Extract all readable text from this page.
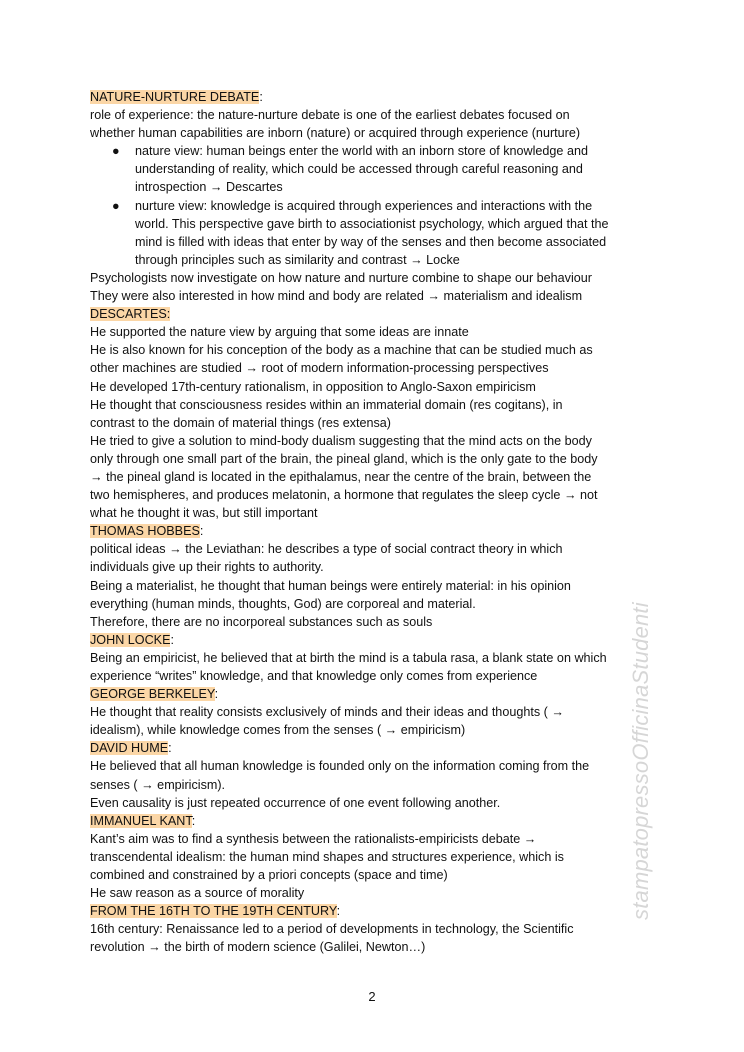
NATURE-NURTURE DEBATE:
role of experience: the nature-nurture debate is one of the earliest debates focused on
whether human capabilities are inborn (nature) or acquired through experience (nurture)
● nature view: human beings enter the world with an inborn store of knowledge and
understanding of reality, which could be accessed through careful reasoning and
introspection → Descartes
● nurture view: knowledge is acquired through experiences and interactions with the
world. This perspective gave birth to associationist psychology, which argued that the
mind is filled with ideas that enter by way of the senses and then become associated
through principles such as similarity and contrast → Locke
Psychologists now investigate on how nature and nurture combine to shape our behaviour
They were also interested in how mind and body are related → materialism and idealism
DESCARTES:
He supported the nature view by arguing that some ideas are innate
He is also known for his conception of the body as a machine that can be studied much as
other machines are studied → root of modern information-processing perspectives
He developed 17th-century rationalism, in opposition to Anglo-Saxon empiricism
He thought that consciousness resides within an immaterial domain (res cogitans), in
contrast to the domain of material things (res extensa)
He tried to give a solution to mind-body dualism suggesting that the mind acts on the body
only through one small part of the brain, the pineal gland, which is the only gate to the body
→ the pineal gland is located in the epithalamus, near the centre of the brain, between the
two hemispheres, and produces melatonin, a hormone that regulates the sleep cycle → not
what he thought it was, but still important
THOMAS HOBBES:
political ideas → the Leviathan: he describes a type of social contract theory in which
individuals give up their rights to authority.
Being a materialist, he thought that human beings were entirely material: in his opinion
everything (human minds, thoughts, God) are corporeal and material.
Therefore, there are no incorporeal substances such as souls
JOHN LOCKE:
Being an empiricist, he believed that at birth the mind is a tabula rasa, a blank state on which
experience “writes” knowledge, and that knowledge only comes from experience
GEORGE BERKELEY:
He thought that reality consists exclusively of minds and their ideas and thoughts ( →
idealism), while knowledge comes from the senses ( → empiricism)
DAVID HUME:
He believed that all human knowledge is founded only on the information coming from the
senses ( → empiricism).
Even causality is just repeated occurrence of one event following another.
IMMANUEL KANT:
Kant’s aim was to find a synthesis between the rationalists-empiricists debate →
transcendental idealism: the human mind shapes and structures experience, which is
combined and constrained by a priori concepts (space and time)
He saw reason as a source of morality
FROM THE 16TH TO THE 19TH CENTURY:
16th century: Renaissance led to a period of developments in technology, the Scientific
revolution → the birth of modern science (Galilei, Newton…)
stampatopressoOfficinaStudenti
2
